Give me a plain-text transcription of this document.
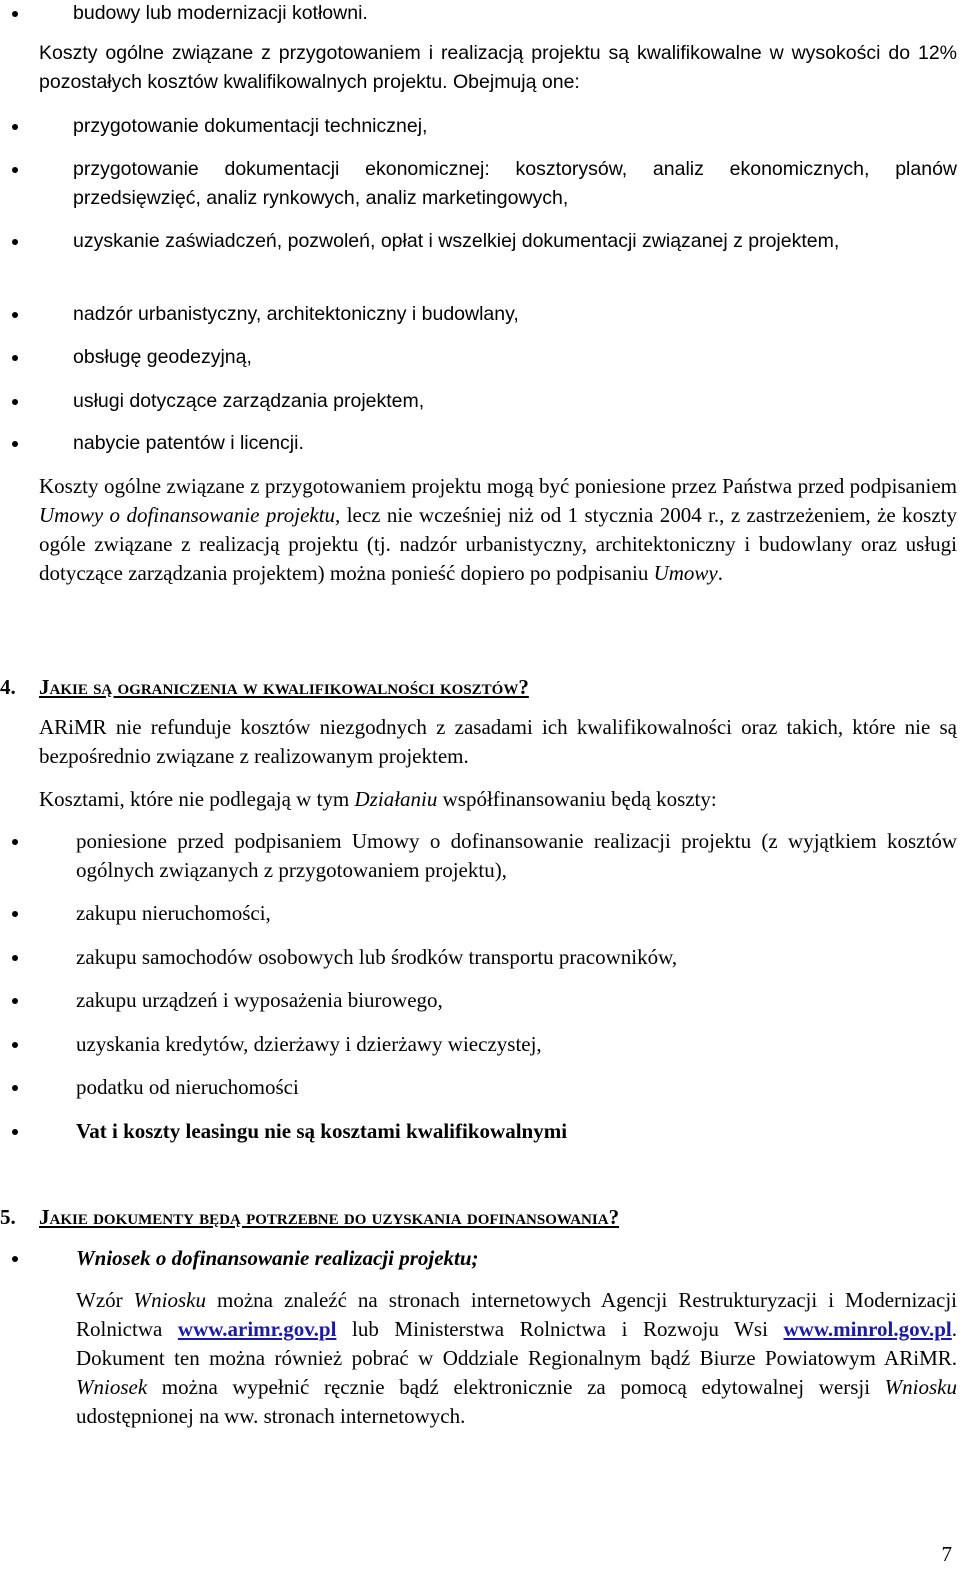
budowy lub modernizacji kotłowni.

Koszty ogólne związane z przygotowaniem i realizacją projektu są kwalifikowalne w wysokości do 12% pozostałych kosztów kwalifikowalnych projektu. Obejmują one:

przygotowanie dokumentacji technicznej,

przygotowanie dokumentacji ekonomicznej: kosztorysów, analiz ekonomicznych, planów przedsięwzięć, analiz rynkowych, analiz marketingowych,

uzyskanie zaświadczeń, pozwoleń, opłat i wszelkiej dokumentacji związanej z projektem,

nadzór urbanistyczny, architektoniczny i budowlany,

obsługę geodezyjną,

usługi dotyczące zarządzania projektem,

nabycie patentów i licencji.

Koszty ogólne związane z przygotowaniem projektu mogą być poniesione przez Państwa przed podpisaniem Umowy o dofinansowanie projektu, lecz nie wcześniej niż od 1 stycznia 2004 r., z zastrzeżeniem, że koszty ogóle związane z realizacją projektu (tj. nadzór urbanistyczny, architektoniczny i budowlany oraz usługi dotyczące zarządzania projektem) można ponieść dopiero po podpisaniu Umowy.

4. Jakie są ograniczenia w kwalifikowalności kosztów?

ARiMR nie refunduje kosztów niezgodnych z zasadami ich kwalifikowalności oraz takich, które nie są bezpośrednio związane z realizowanym projektem.

Kosztami, które nie podlegają w tym Działaniu współfinansowaniu będą koszty:

poniesione przed podpisaniem Umowy o dofinansowanie realizacji projektu (z wyjątkiem kosztów ogólnych związanych z przygotowaniem projektu),

zakupu nieruchomości,

zakupu samochodów osobowych lub środków transportu pracowników,

zakupu urządzeń i wyposażenia biurowego,

uzyskania kredytów, dzierżawy i dzierżawy wieczystej,

podatku od nieruchomości

Vat i koszty leasingu nie są kosztami kwalifikowalnymi

5. Jakie dokumenty będą potrzebne do uzyskania dofinansowania?

Wniosek o dofinansowanie realizacji projektu;

Wzór Wniosku można znaleźć na stronach internetowych Agencji Restrukturyzacji i Modernizacji Rolnictwa www.arimr.gov.pl lub Ministerstwa Rolnictwa i Rozwoju Wsi www.minrol.gov.pl. Dokument ten można również pobrać w Oddziale Regionalnym bądź Biurze Powiatowym ARiMR. Wniosek można wypełnić ręcznie bądź elektronicznie za pomocą edytowalnej wersji Wniosku udostępnionej na ww. stronach internetowych.

7
